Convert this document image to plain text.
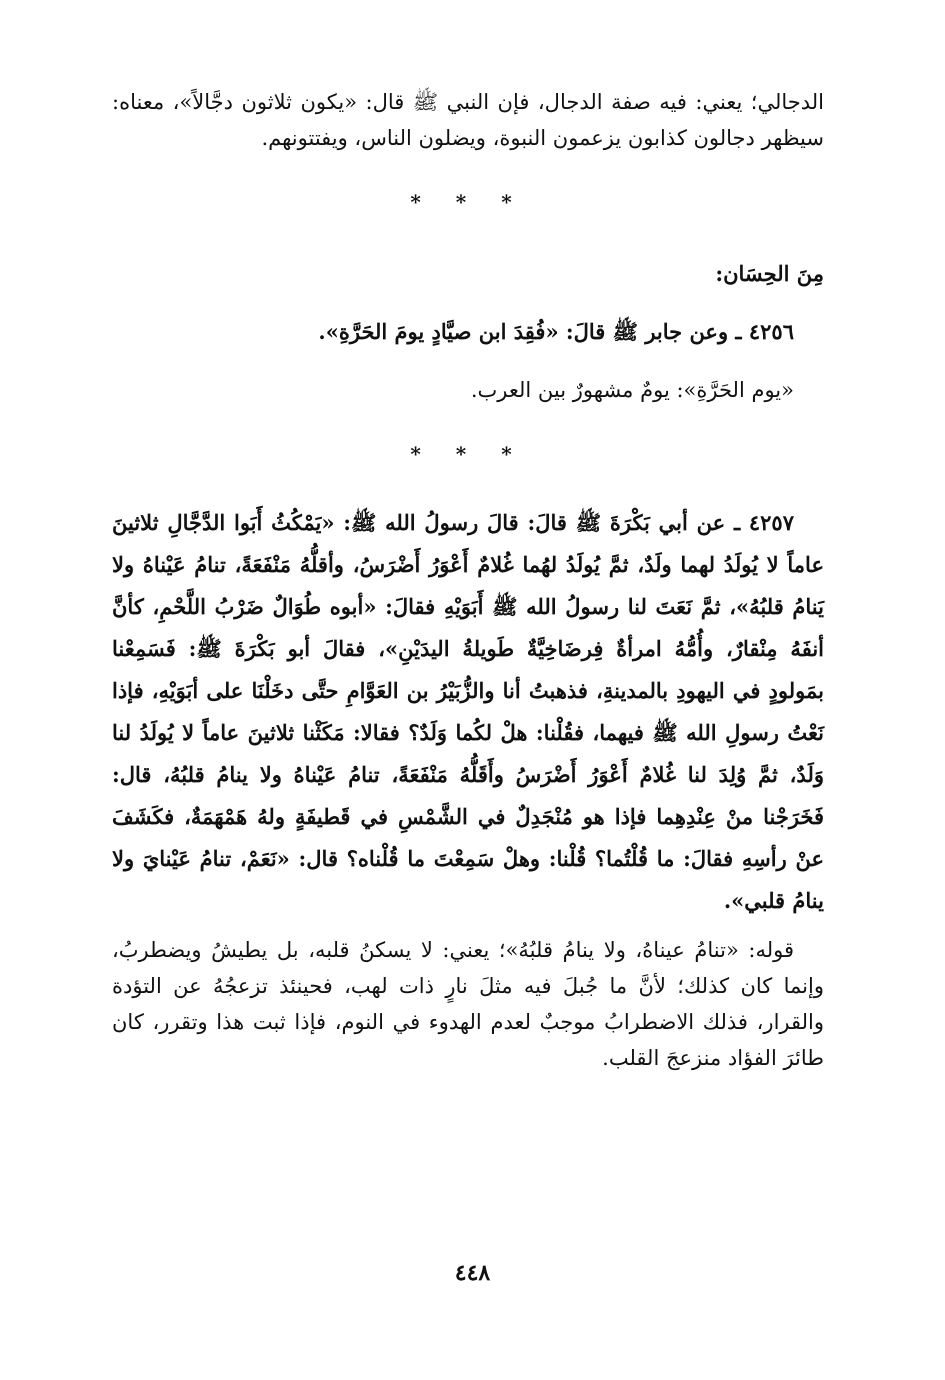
الدجالي؛ يعني: فيه صفة الدجال، فإن النبي ﷺ قال: «يكون ثلاثون دجَّالاً»، معناه: سيظهر دجالون كذابون يزعمون النبوة، ويضلون الناس، ويفتتونهم.

* * *

مِنَ الحِسَان:

٤٢٥٦ ـ وعن جابر ﷺ قالَ: «فُقِدَ ابن صيَّادٍ يومَ الحَرَّةِ».

«يوم الحَرَّةِ»: يومٌ مشهورٌ بين العرب.

* * *

٤٢٥٧ ـ عن أبي بَكْرَةَ ﷺ قالَ: قالَ رسولُ الله ﷺ: «يَمْكُثُ أَبَوا الدَّجَّالِ ثلاثينَ عاماً لا يُولَدُ لهما ولَدٌ، ثمَّ يُولَدُ لهُما غُلامٌ أَعْوَرُ أَضْرَسُ، وأقلُّهُ مَنْفَعَةً، تنامُ عَيْناهُ ولا يَنامُ قلبُهُ»، ثمَّ نَعَتَ لنا رسولُ الله ﷺ أَبَوَيْهِ فقالَ: «أبوه طُوَالٌ ضَرْبُ اللَّحْمِ، كأنَّ أنفَهُ مِنْقارٌ، وأُمُّهُ امرأةٌ فِرضَاخِيَّةٌ طَويلةُ اليدَيْنِ»، فقالَ أبو بَكْرَةَ ﷺ: فَسَمِعْنا بمَولودٍ في اليهودِ بالمدينةِ، فذهبتُ أنا والزُّبَيْرُ بن العَوَّامِ حتَّى دخَلْنَا على أبَوَيْهِ، فإذا نَعْتُ رسولِ الله ﷺ فيهما، فقُلْنا: هلْ لكُما وَلَدٌ؟ فقالا: مَكَثْنا ثلاثينَ عاماً لا يُولَدُ لنا وَلَدٌ، ثمَّ وُلِدَ لنا غُلامٌ أَعْوَرُ أَضْرَسُ وأَقَلُّهُ مَنْفَعَةً، تنامُ عَيْناهُ ولا ينامُ قلبُهُ، قال: فَخَرَجْنا منْ عِنْدِهِما فإذا هو مُنْجَدِلٌ في الشَّمْسِ في قَطيفَةٍ ولهُ هَمْهَمَةٌ، فكَشَفَ عنْ رأسِهِ فقالَ: ما قُلْتُما؟ قُلْنا: وهلْ سَمِعْتَ ما قُلْناه؟ قال: «نَعَمْ، تنامُ عَيْنايَ ولا ينامُ قلبي».

قوله: «تنامُ عيناهُ، ولا ينامُ قلبُهُ»؛ يعني: لا يسكنُ قلبه، بل يطيشُ ويضطربُ، وإنما كان كذلك؛ لأنَّ ما جُبلَ فيه مثلَ نارٍ ذات لهب، فحينئذ تزعجُهُ عن التؤدة والقرار، فذلك الاضطرابُ موجبٌ لعدم الهدوء في النوم، فإذا ثبت هذا وتقرر، كان طائرَ الفؤاد منزعجَ القلب.

٤٤٨
